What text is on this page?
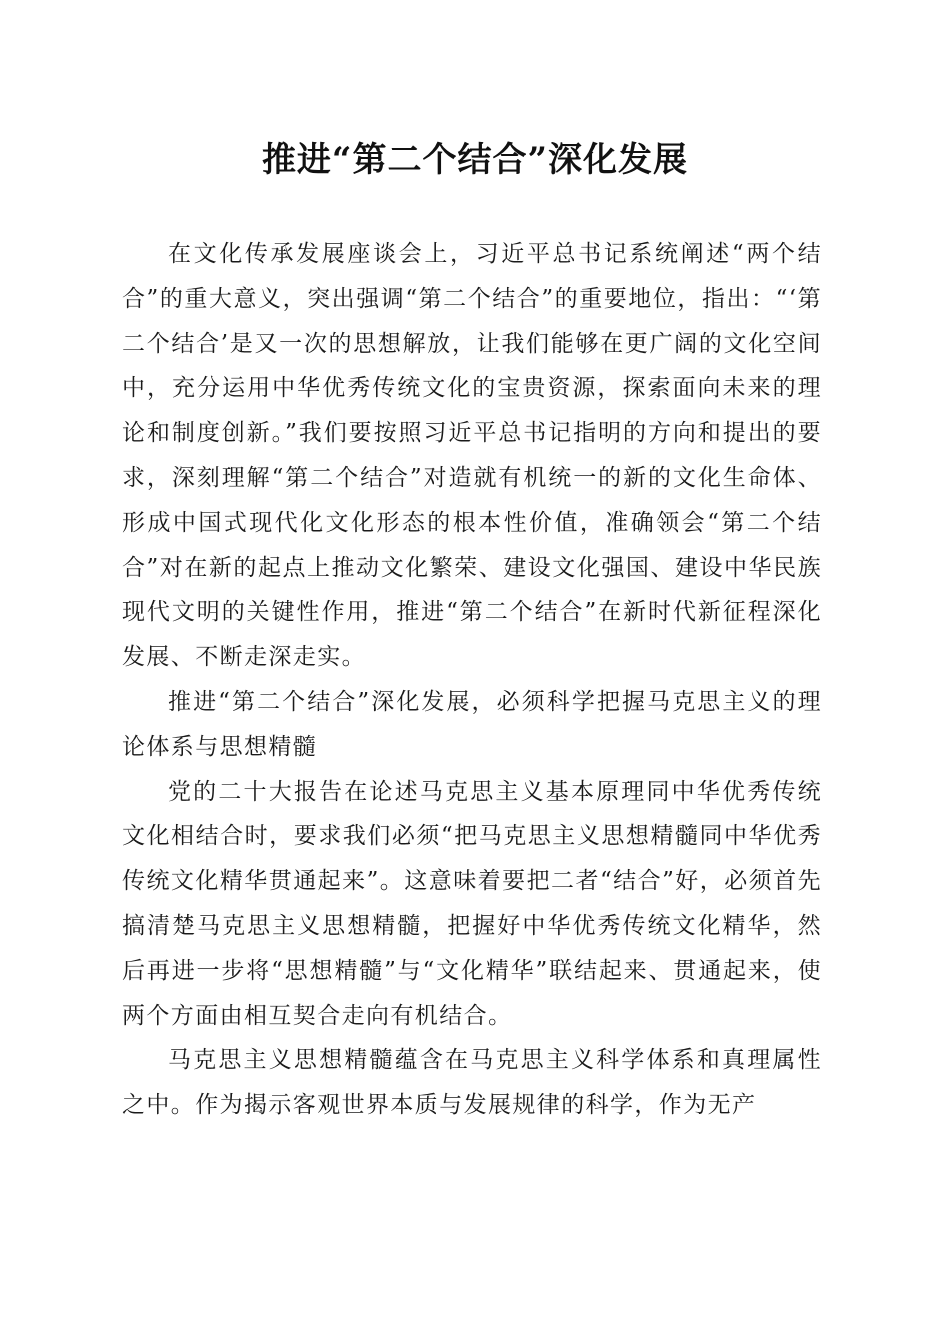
推进“第二个结合”深化发展

在文化传承发展座谈会上，习近平总书记系统阐述“两个结合”的重大意义，突出强调“第二个结合”的重要地位，指出：“‘第二个结合’是又一次的思想解放，让我们能够在更广阔的文化空间中，充分运用中华优秀传统文化的宝贵资源，探索面向未来的理论和制度创新。”我们要按照习近平总书记指明的方向和提出的要求，深刻理解“第二个结合”对造就有机统一的新的文化生命体、形成中国式现代化文化形态的根本性价值，准确领会“第二个结合”对在新的起点上推动文化繁荣、建设文化强国、建设中华民族现代文明的关键性作用，推进“第二个结合”在新时代新征程深化发展、不断走深走实。

推进“第二个结合”深化发展，必须科学把握马克思主义的理论体系与思想精髓

党的二十大报告在论述马克思主义基本原理同中华优秀传统文化相结合时，要求我们必须“把马克思主义思想精髓同中华优秀传统文化精华贯通起来”。这意味着要把二者“结合”好，必须首先搞清楚马克思主义思想精髓，把握好中华优秀传统文化精华，然后再进一步将“思想精髓”与“文化精华”联结起来、贯通起来，使两个方面由相互契合走向有机结合。

马克思主义思想精髓蕴含在马克思主义科学体系和真理属性之中。作为揭示客观世界本质与发展规律的科学，作为无产
